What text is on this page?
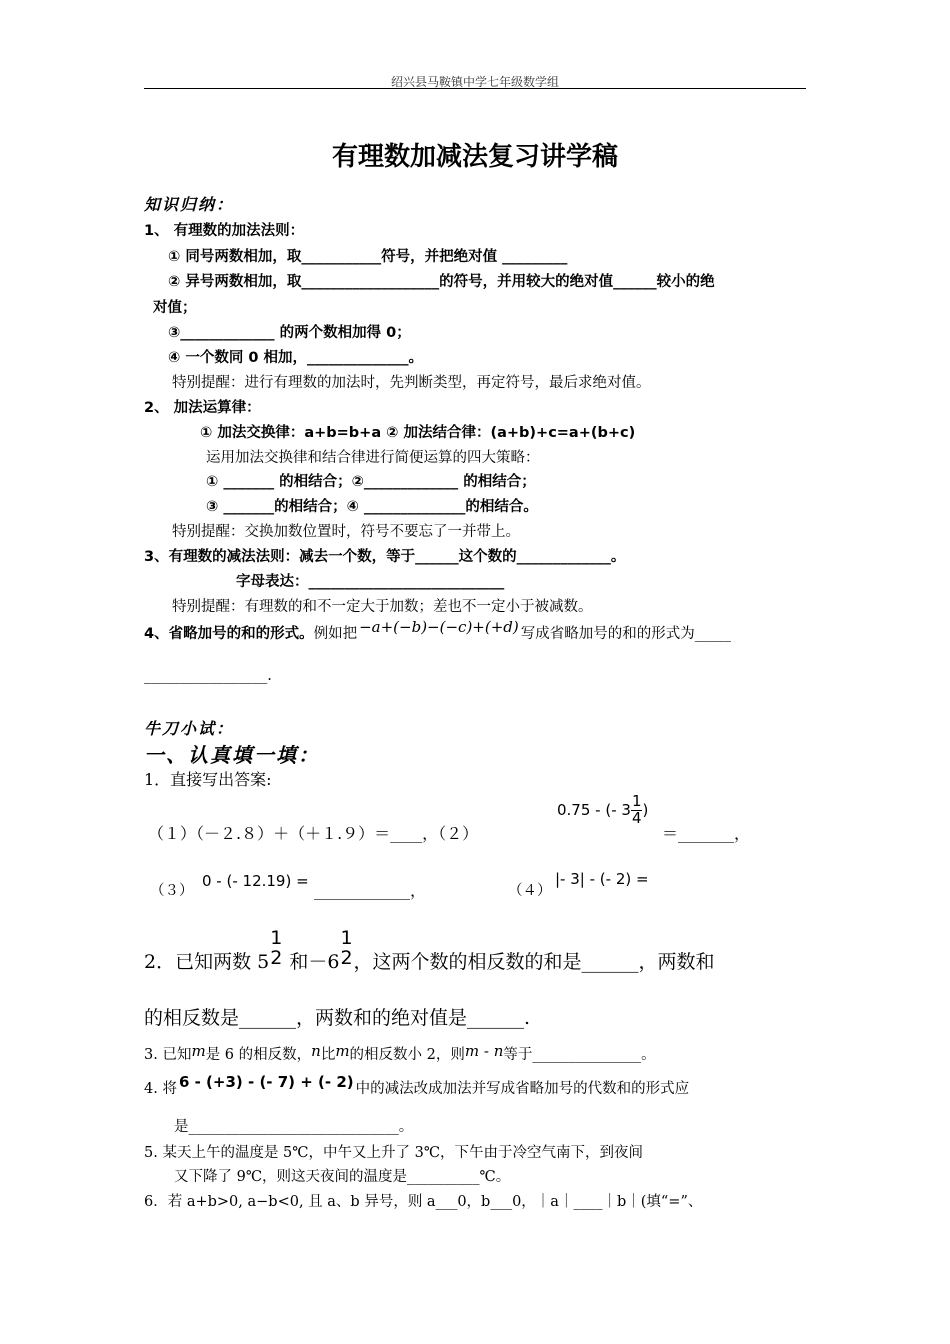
绍兴县马鞍镇中学七年级数学组
有理数加减法复习讲学稿
知识归纳：
1、 有理数的加法法则：
① 同号两数相加，取___________符号，并把绝对值 _________
② 异号两数相加，取___________________的符号，并用较大的绝对值______较小的绝
对值；
③_____________ 的两个数相加得 0；
④ 一个数同 0 相加，______________。
特别提醒：进行有理数的加法时，先判断类型，再定符号，最后求绝对值。
2、 加法运算律：
① 加法交换律：a+b=b+a ② 加法结合律：(a+b)+c=a+(b+c)
运用加法交换律和结合律进行简便运算的四大策略：
① _______ 的相结合；②_____________ 的相结合；
③ _______的相结合；④ ______________的相结合。
特别提醒：交换加数位置时，符号不要忘了一并带上。
3、有理数的减法法则：减去一个数，等于______这个数的_____________。
字母表达：___________________________
特别提醒：有理数的和不一定大于加数；差也不一定小于被减数。
4、省略加号的和的形式。例如把 −a+(−b)−(−c)+(+d) 写成省略加号的和的形式为_____
_________________.
牛刀小试：
一、认真填一填：
1．直接写出答案:
（１）（－２.８）＋（＋１.９）＝____，（２）
0.75 - (- $3 \frac{1}{4}$ )
＝_______，
（３）
0 - (- 12.19) = ____________，	（４）
|- 3| - (- 2) =
2．已知两数 5
1
2 和－6
1
2 ，这两个数的相反数的和是______，两数和
的相反数是______，两数和的绝对值是______.
3. 已知m是 6 的相反数，n比m的相反数小 2，则m - n等于_______________。
4. 将 6 - (+3) - (- 7) + (- 2) 中的减法改成加法并写成省略加号的代数和的形式应
是_____________________________。
5. 某天上午的温度是 5℃，中午又上升了 3℃，下午由于冷空气南下，到夜间
又下降了 9℃，则这天夜间的温度是__________℃。
6．若 a+b>0, a−b<0, 且 a、b 异号，则 a___0，b___0，｜a｜____｜b｜(填“=”、
